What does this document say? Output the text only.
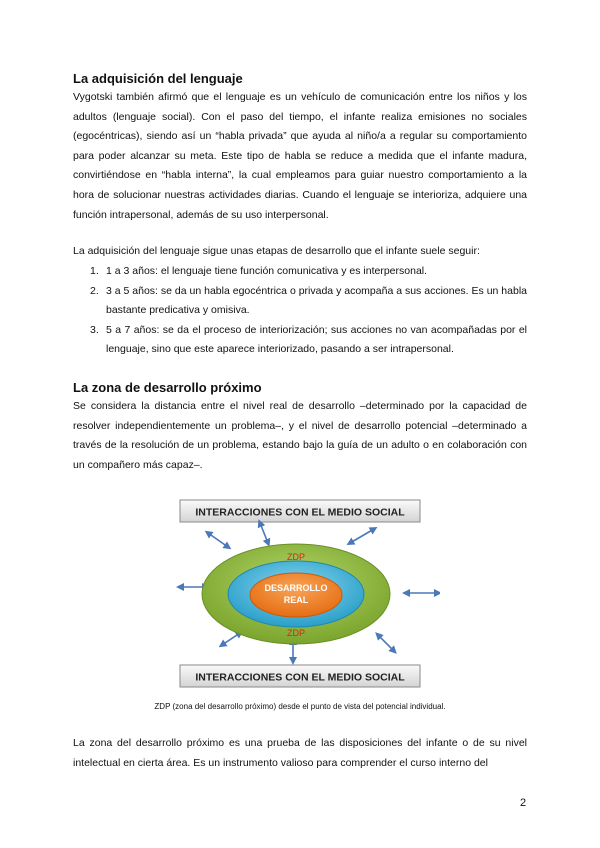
La adquisición del lenguaje

Vygotski también afirmó que el lenguaje es un vehículo de comunicación entre los niños y los adultos (lenguaje social). Con el paso del tiempo, el infante realiza emisiones no sociales (egocéntricas), siendo así un “habla privada” que ayuda al niño/a a regular su comportamiento para poder alcanzar su meta. Este tipo de habla se reduce a medida que el infante madura, convirtiéndose en “habla interna”, la cual empleamos para guiar nuestro comportamiento a la hora de solucionar nuestras actividades diarias. Cuando el lenguaje se interioriza, adquiere una función intrapersonal, además de su uso interpersonal.

La adquisición del lenguaje sigue unas etapas de desarrollo que el infante suele seguir:

1. 1 a 3 años: el lenguaje tiene función comunicativa y es interpersonal.
2. 3 a 5 años: se da un habla egocéntrica o privada y acompaña a sus acciones. Es un habla bastante predicativa y omisiva.
3. 5 a 7 años: se da el proceso de interiorización; sus acciones no van acompañadas por el lenguaje, sino que este aparece interiorizado, pasando a ser intrapersonal.
La zona de desarrollo próximo

Se considera la distancia entre el nivel real de desarrollo –determinado por la capacidad de resolver independientemente un problema–, y el nivel de desarrollo potencial –determinado a través de la resolución de un problema, estando bajo la guía de un adulto o en colaboración con un compañero más capaz–.

INTERACCIONES CON EL MEDIO SOCIAL
INTERACCIONES CON EL MEDIO SOCIAL
ZDP
ZDP
DESARROLLO
REAL
ZDP (zona del desarrollo próximo) desde el punto de vista del potencial individual.

La zona del desarrollo próximo es una prueba de las disposiciones del infante o de su nivel intelectual en cierta área. Es un instrumento valioso para comprender el curso interno del

2
